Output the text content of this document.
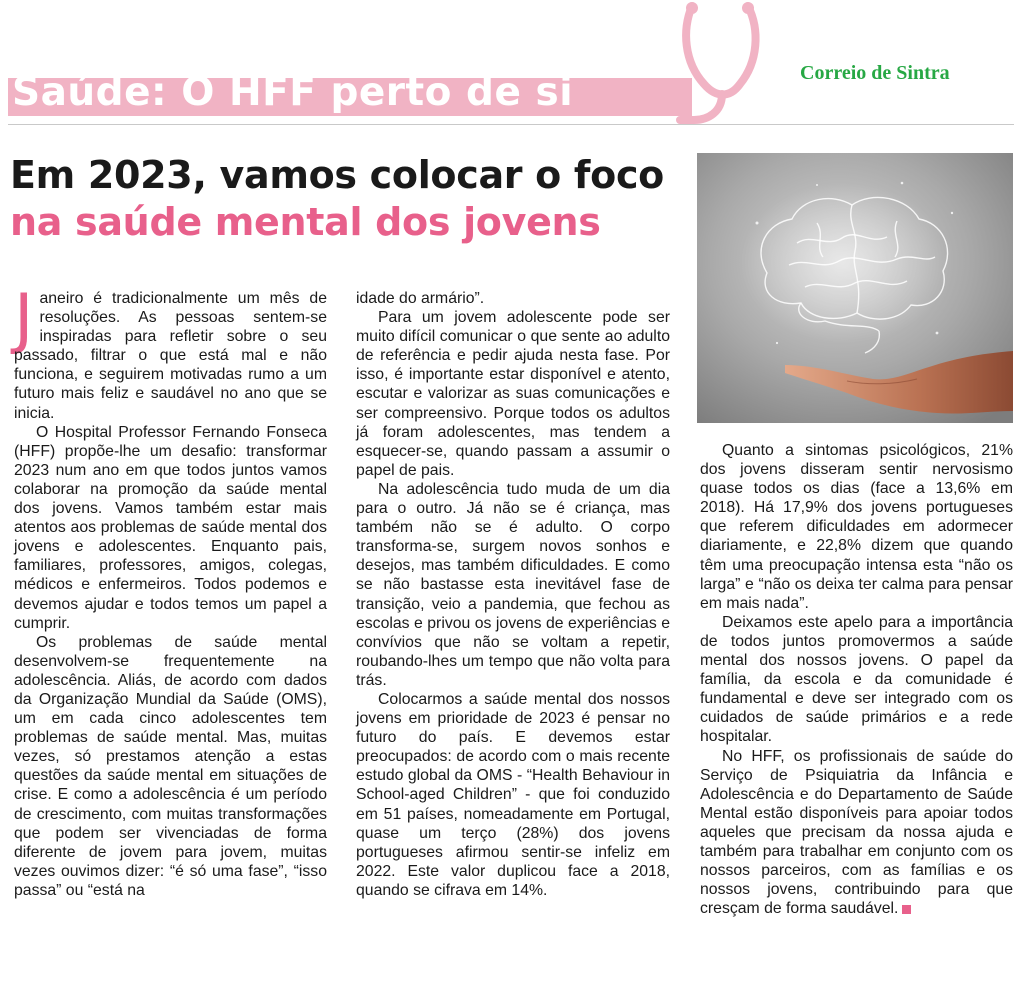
Saúde: O HFF perto de si	Correio de Sintra
Em 2023, vamos colocar o foco
na saúde mental dos jovens

Janeiro é tradicionalmente um mês de resoluções. As pessoas sentem-se inspiradas para refletir sobre o seu passado, filtrar o que está mal e não funciona, e seguirem motivadas rumo a um futuro mais feliz e saudável no ano que se inicia.

O Hospital Professor Fernando Fonseca (HFF) propõe-lhe um desafio: transformar 2023 num ano em que todos juntos vamos colaborar na promoção da saúde mental dos jovens. Vamos também estar mais atentos aos problemas de saúde mental dos jovens e adolescentes. Enquanto pais, familiares, professores, amigos, colegas, médicos e enfermeiros. Todos podemos e devemos ajudar e todos temos um papel a cumprir.

Os problemas de saúde mental desenvolvem-se frequentemente na adolescência. Aliás, de acordo com dados da Organização Mundial da Saúde (OMS), um em cada cinco adolescentes tem problemas de saúde mental. Mas, muitas vezes, só prestamos atenção a estas questões da saúde mental em situações de crise. E como a adolescência é um período de crescimento, com muitas transformações que podem ser vivenciadas de forma diferente de jovem para jovem, muitas vezes ouvimos dizer: “é só uma fase”, “isso passa” ou “está na

idade do armário”.

Para um jovem adolescente pode ser muito difícil comunicar o que sente ao adulto de referência e pedir ajuda nesta fase. Por isso, é importante estar disponível e atento, escutar e valorizar as suas comunicações e ser compreensivo. Porque todos os adultos já foram adolescentes, mas tendem a esquecer-se, quando passam a assumir o papel de pais.

Na adolescência tudo muda de um dia para o outro. Já não se é criança, mas também não se é adulto. O corpo transforma-se, surgem novos sonhos e desejos, mas também dificuldades. E como se não bastasse esta inevitável fase de transição, veio a pandemia, que fechou as escolas e privou os jovens de experiências e convívios que não se voltam a repetir, roubando-lhes um tempo que não volta para trás.

Colocarmos a saúde mental dos nossos jovens em prioridade de 2023 é pensar no futuro do país. E devemos estar preocupados: de acordo com o mais recente estudo global da OMS - “Health Behaviour in School-aged Children” - que foi conduzido em 51 países, nomeadamente em Portugal, quase um terço (28%) dos jovens portugueses afirmou sentir-se infeliz em 2022. Este valor duplicou face a 2018, quando se cifrava em 14%.

Quanto a sintomas psicológicos, 21% dos jovens disseram sentir nervosismo quase todos os dias (face a 13,6% em 2018). Há 17,9% dos jovens portugueses que referem dificuldades em adormecer diariamente, e 22,8% dizem que quando têm uma preocupação intensa esta “não os larga” e “não os deixa ter calma para pensar em mais nada”.

Deixamos este apelo para a importância de todos juntos promovermos a saúde mental dos nossos jovens. O papel da família, da escola e da comunidade é fundamental e deve ser integrado com os cuidados de saúde primários e a rede hospitalar.

No HFF, os profissionais de saúde do Serviço de Psiquiatria da Infância e Adolescência e do Departamento de Saúde Mental estão disponíveis para apoiar todos aqueles que precisam da nossa ajuda e também para trabalhar em conjunto com os nossos parceiros, com as famílias e os nossos jovens, contribuindo para que cresçam de forma saudável.
